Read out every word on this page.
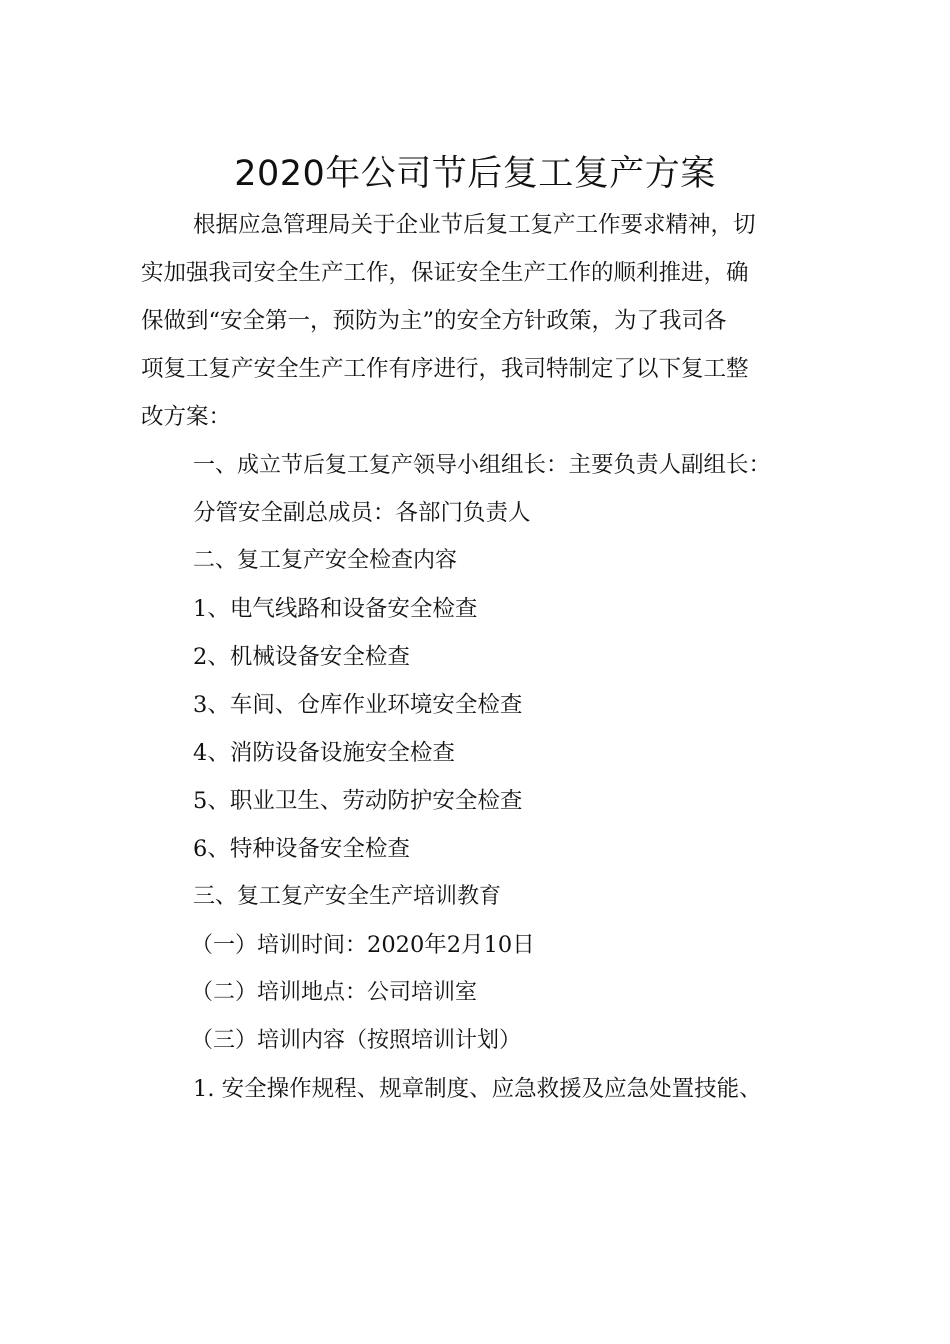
2020年公司节后复工复产方案

根据应急管理局关于企业节后复工复产工作要求精神，切
实加强我司安全生产工作，保证安全生产工作的顺利推进，确
保做到“安全第一，预防为主”的安全方针政策，为了我司各
项复工复产安全生产工作有序进行，我司特制定了以下复工整
改方案：

一、成立节后复工复产领导小组组长：主要负责人副组长：
分管安全副总成员：各部门负责人
二、复工复产安全检查内容
1、电气线路和设备安全检查
2、机械设备安全检查
3、车间、仓库作业环境安全检查
4、消防设备设施安全检查
5、职业卫生、劳动防护安全检查
6、特种设备安全检查
三、复工复产安全生产培训教育
（一）培训时间：2020年2月10日
（二）培训地点：公司培训室
（三）培训内容（按照培训计划）
1. 安全操作规程、规章制度、应急救援及应急处置技能、
